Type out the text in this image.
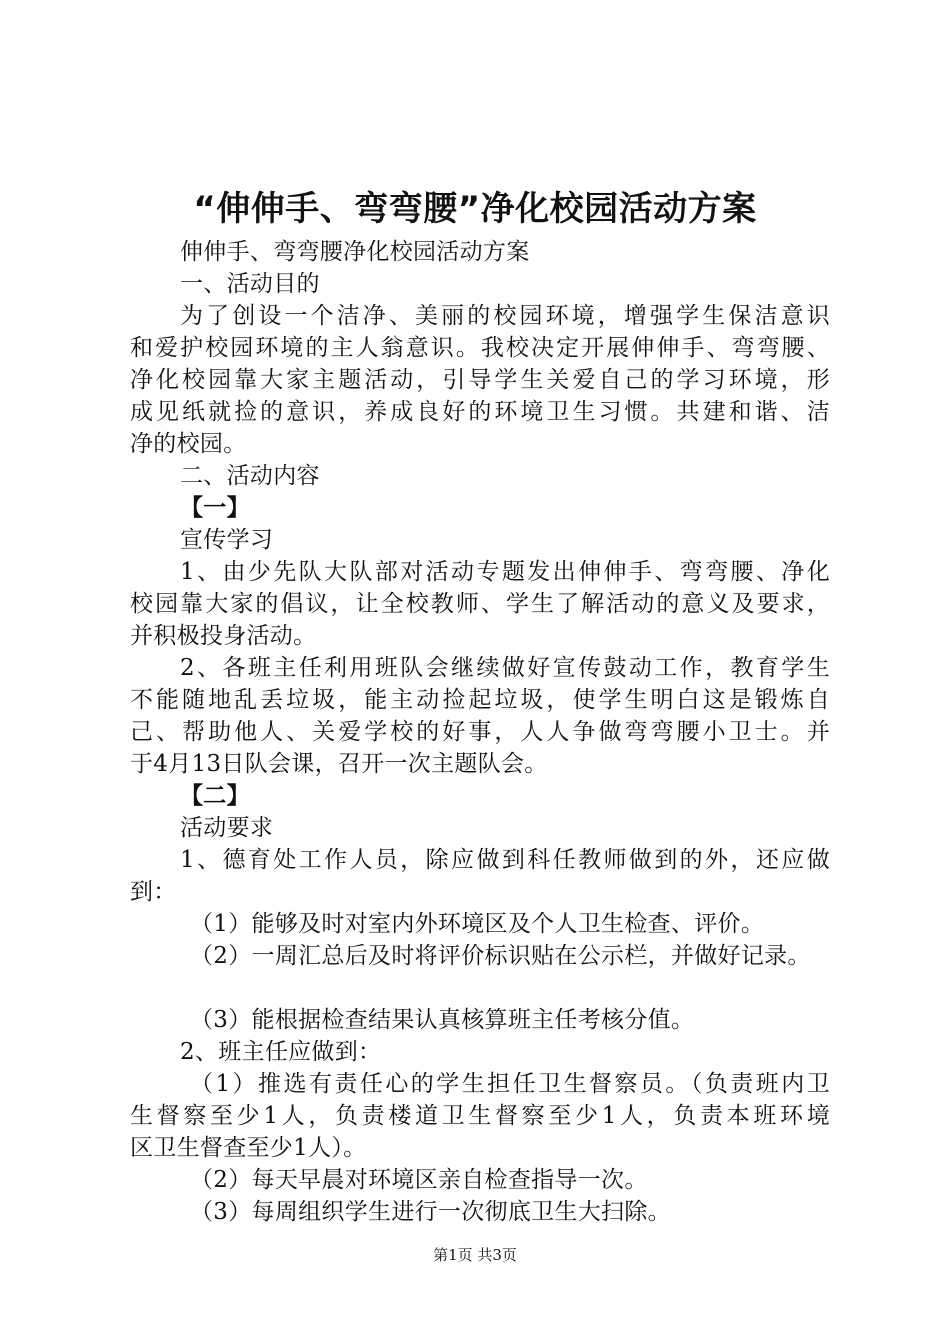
“伸伸手、弯弯腰”净化校园活动方案

伸伸手、弯弯腰净化校园活动方案

一、活动目的

为了创设一个洁净、美丽的校园环境，增强学生保洁意识

和爱护校园环境的主人翁意识。我校决定开展伸伸手、弯弯腰、

净化校园靠大家主题活动，引导学生关爱自己的学习环境，形

成见纸就捡的意识，养成良好的环境卫生习惯。共建和谐、洁

净的校园。

二、活动内容

【一】

宣传学习

1、由少先队大队部对活动专题发出伸伸手、弯弯腰、净化

校园靠大家的倡议，让全校教师、学生了解活动的意义及要求，

并积极投身活动。

2、各班主任利用班队会继续做好宣传鼓动工作，教育学生

不能随地乱丢垃圾，能主动捡起垃圾，使学生明白这是锻炼自

己、帮助他人、关爱学校的好事，人人争做弯弯腰小卫士。并

于4月13日队会课，召开一次主题队会。

【二】

活动要求

1、德育处工作人员，除应做到科任教师做到的外，还应做

到：

（1）能够及时对室内外环境区及个人卫生检查、评价。

（2）一周汇总后及时将评价标识贴在公示栏，并做好记录。

（3）能根据检查结果认真核算班主任考核分值。

2、班主任应做到：

（1）推选有责任心的学生担任卫生督察员。（负责班内卫

生督察至少1人，负责楼道卫生督察至少1人，负责本班环境

区卫生督查至少1人）。

（2）每天早晨对环境区亲自检查指导一次。

（3）每周组织学生进行一次彻底卫生大扫除。

第1页 共3页
